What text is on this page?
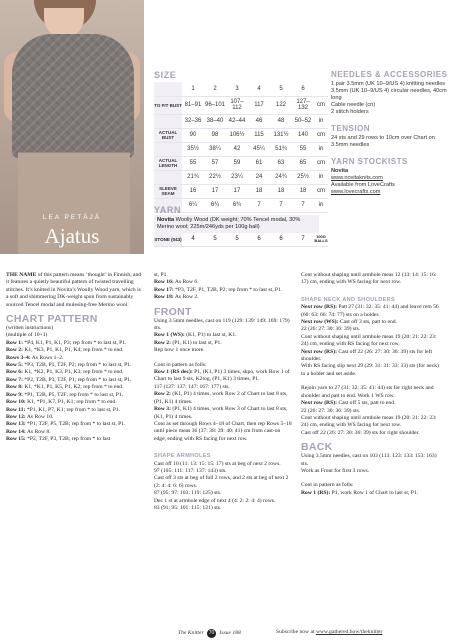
LEA PETÄJÄ
Ajatus
SIZE
	1	2	3	4	5	6	
TO FIT BUST	81–91	96–101	107–112	117	122	127–132	cm
	32–36	38–40	42–44	46	48	50–52	in
ACTUAL BUST	90	98	106½	115	131½	140	cm
	35½	38¼	42	45¼	51¾	55	in
ACTUAL LENGTH	55	57	59	61	63	65	cm
	21¾	22½	23¼	24	24¾	25½	in
SLEEVE SEAM	16	17	17	18	18	18	cm
	6¼	6¾	6¾	7	7	7	in
YARN
Novita Woolly Wood (DK weight; 70% Tencel modal, 30% Merino wool; 225m/246yds per 100g ball)
STONE (043)	4	5	5	6	6	7	100G BALLS
NEEDLES & ACCESSORIES
1 pair 3.5mm (UK 10–9/US 4) knitting needles
3.5mm (UK 10–9/US 4) circular needles, 40cm long
Cable needle (cn)
2 stitch holders
TENSION
24 sts and 29 rows to 10cm over Chart on 3.5mm needles
YARN STOCKISTS
Novita
www.novitaknits.com
Available from LoveCrafts
www.lovecrafts.com

THE NAME of this pattern means ‘thought’ in Finnish, and it features a quietly beautiful pattern of twisted travelling stitches. It’s knitted in Novita’s Woolly Wood yarn, which is a soft and shimmering DK-weight spun from sustainably sourced Tencel modal and mulesing-free Merino wool.

CHART PATTERN

(written instructions)

(multiple of 10+1)

Row 1: *P4, K1, P1, K1, P3; rep from * to last st, P1.

Row 2: K1, *K3, P1, K1, P1, K4; rep from * to end.

Rows 3–4: As Rows 1–2.

Row 5: *P3, T2B, P1, T2F, P2; rep from * to last st, P1.

Row 6: K1, *K2, P1, K3, P1, K3; rep from * to end.

Row 7: *P2, T2B, P3, T2F, P1; rep from * to last st, P1.

Row 8: K1, *K1, P1, K5, P1, K2; rep from * to end.

Row 9: *P1, T2B, P5, T2F; rep from * to last st, P1.

Row 10: K1, *P1, K7, P1, K1; rep from * to end.

Row 11: *P1, K1, P7, K1; rep from * to last st, P1.

Row 12: As Row 10.

Row 13: *P1, T2F, P5, T2B; rep from * to last st, P1.

Row 14: As Row 8.

Row 15: *P2, T2F, P3, T2B; rep from * to last

st, P1.

Row 16: As Row 6.

Row 17: *P3, T2F, P1, T2B, P2; rep from * to last st, P1.

Row 18: As Row 2.

FRONT

Using 3.5mm needles, cast on 119 (129: 139: 149: 169: 179) sts.

Row 1 (WS): (K1, P1) to last st, K1.

Row 2: (P1, K1) to last st, P1.

Rep how 1 once more.

Cont in pattern as folls:

Row 1 (RS dec): P1, (K1, P1) 3 times, skpo, work Row 1 of Chart to last 9 sts, K2tog, (P1, K1) 3 times, P1.

117 (127: 137: 147: 167: 177) sts.

Row 2: (K1, P1) 4 times, work Row 2 of Chart to last 8 sts, (P1, K1) 4 times.

Row 3: (P1, K1) 4 times, work Row 3 of Chart to last 8 sts, (K1, P1) 4 times.

Cont as set through Rows 4–18 of Chart, then rep Rows 5–18 until piece meas 36 (37: 38: 39: 40: 41) cm from cast-on edge, ending with RS facing for next row.

SHAPE ARMHOLES

Cast off 10 (11: 13: 15: 15: 17) sts at beg of next 2 rows.

97 (105: 111: 117: 137: 143) sts.

Cast off 3 sts at beg of foll 2 rows, and 2 sts at beg of next 2 (2: 4: 4: 6: 6) rows.

87 (95: 97: 103: 119: 125) sts.

Dec 1 st at armhole edge of next 4 (4: 2: 2: 4: 4) rows.

83 (91: 95: 101: 115: 121) sts.

Cont without shaping until armhole meas 12 (13: 14: 15: 16: 17) cm, ending with WS facing for next row.

SHAPE NECK AND SHOULDERS

Next row (RS): Patt 27 (31: 32: 35: 41: 44) and leave rem 56 (60: 63: 66: 74: 77) sts on a holder.

Next row (WS): Cast off 3 sts, patt to end.

22 (26: 27: 30: 36: 39) sts.

Cont without shaping until armhole meas 19 (20: 21: 22: 23: 24) cm, ending with RS facing for next row.

Next row (RS): Cast off 22 (26: 27: 30: 36: 39) sts for left shoulder.

With RS facing slip next 29 (29: 31: 31: 33: 33) sts (for neck) to a holder and set aside.

Rejoin yarn to 27 (31: 32: 35: 41: 44) sts for right neck and shoulder and patt to end. Work 1 WS row.

Next row (RS): Cast off 5 sts, patt to end.

22 (26: 27: 30: 36: 39) sts.

Cont without shaping until armhole meas 19 (20: 21: 22: 23: 24) cm, ending with WS facing for next row.

Cast off 22 (26: 27: 30: 36: 39) sts for right shoulder.

BACK

Using 3.5mm needles, cast on 103 (113: 123: 133: 153: 163) sts.

Work as Front for first 3 rows.

Cont in pattern as folls:

Row 1 (RS): P1, work Row 1 of Chart to last st, P1.

The Knitter 70 Issue 188	Subscribe now at www.gathered.how/theknitter
